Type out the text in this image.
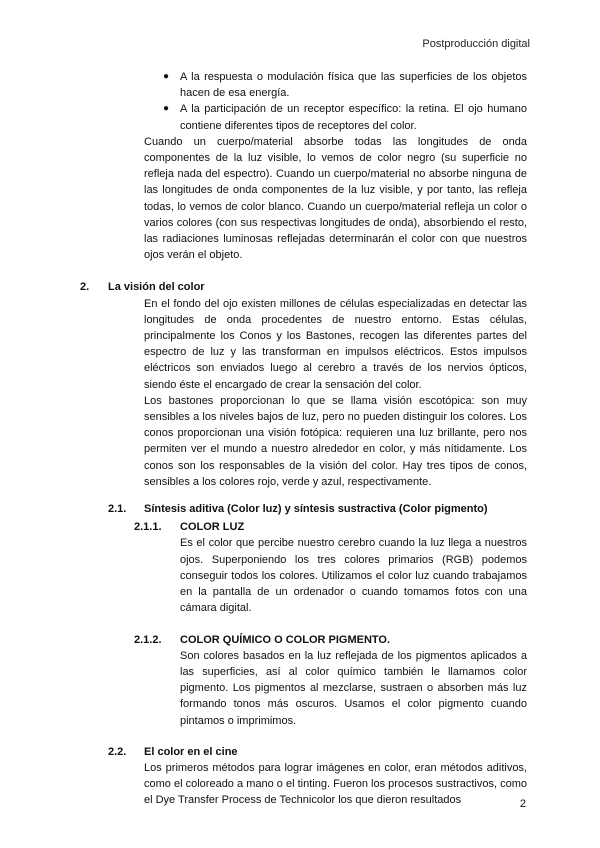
Postproducción digital
● A la respuesta o modulación física que las superficies de los objetos hacen de esa energía.
● A la participación de un receptor específico: la retina. El ojo humano contiene diferentes tipos de receptores del color.

Cuando un cuerpo/material absorbe todas las longitudes de onda componentes de la luz visible, lo vemos de color negro (su superficie no refleja nada del espectro). Cuando un cuerpo/material no absorbe ninguna de las longitudes de onda componentes de la luz visible, y por tanto, las refleja todas, lo vemos de color blanco. Cuando un cuerpo/material refleja un color o varios colores (con sus respectivas longitudes de onda), absorbiendo el resto, las radiaciones luminosas reflejadas determinarán el color con que nuestros ojos verán el objeto.

2.	La visión del color

En el fondo del ojo existen millones de células especializadas en detectar las longitudes de onda procedentes de nuestro entorno. Estas células, principalmente los Conos y los Bastones, recogen las diferentes partes del espectro de luz y las transforman en impulsos eléctricos. Estos impulsos eléctricos son enviados luego al cerebro a través de los nervios ópticos, siendo éste el encargado de crear la sensación del color.

Los bastones proporcionan lo que se llama visión escotópica: son muy sensibles a los niveles bajos de luz, pero no pueden distinguir los colores. Los conos proporcionan una visión fotópica: requieren una luz brillante, pero nos permiten ver el mundo a nuestro alrededor en color, y más nítidamente. Los conos son los responsables de la visión del color. Hay tres tipos de conos, sensibles a los colores rojo, verde y azul, respectivamente.

2.1.	Síntesis aditiva (Color luz) y síntesis sustractiva (Color pigmento)
2.1.1.	COLOR LUZ

Es el color que percibe nuestro cerebro cuando la luz llega a nuestros ojos. Superponiendo los tres colores primarios (RGB) podemos conseguir todos los colores. Utilizamos el color luz cuando trabajamos en la pantalla de un ordenador o cuando tomamos fotos con una cámara digital.

2.1.2.	COLOR QUÍMICO O COLOR PIGMENTO.

Son colores basados en la luz reflejada de los pigmentos aplicados a las superficies, así al color químico también le llamamos color pigmento. Los pigmentos al mezclarse, sustraen o absorben más luz formando tonos más oscuros. Usamos el color pigmento cuando pintamos o imprimimos.

2.2.	El color en el cine

Los primeros métodos para lograr imágenes en color, eran métodos aditivos, como el coloreado a mano o el tinting. Fueron los procesos sustractivos, como el Dye Transfer Process de Technicolor los que dieron resultados	2
